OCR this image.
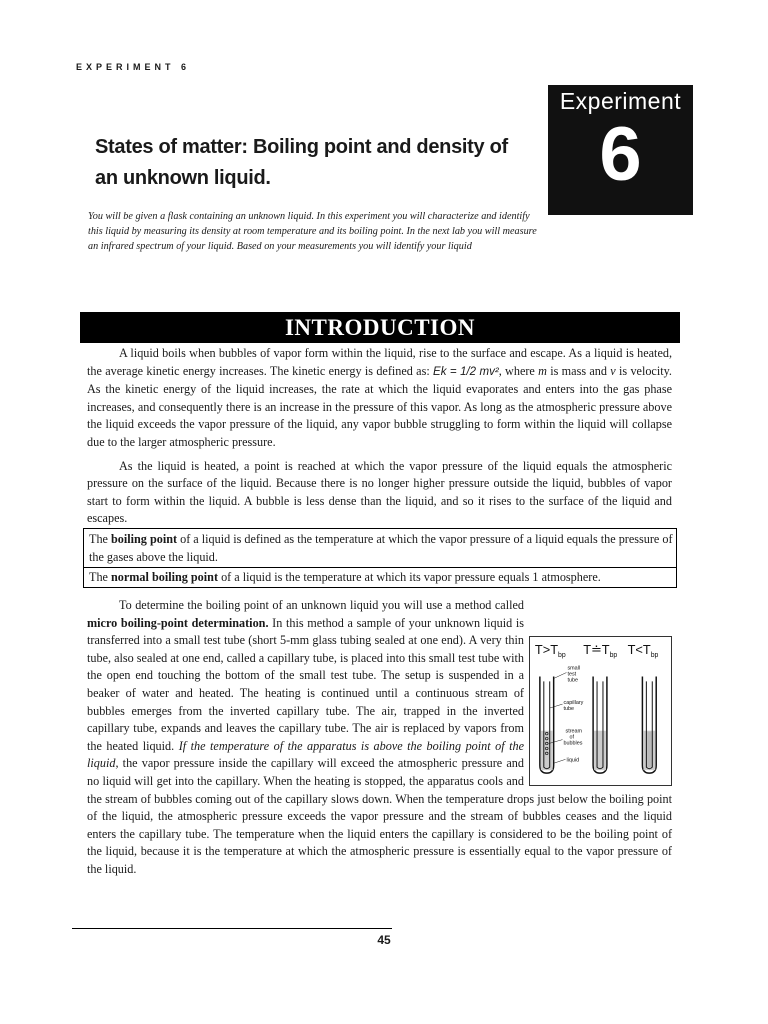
EXPERIMENT 6
Experiment
6
States of matter: Boiling point and density of an unknown liquid.
You will be given a flask containing an unknown liquid. In this experiment you will characterize and identify this liquid by measuring its density at room temperature and its boiling point. In the next lab you will measure an infrared spectrum of your liquid. Based on your measurements you will identify your liquid
INTRODUCTION

A liquid boils when bubbles of vapor form within the liquid, rise to the surface and escape. As a liquid is heated, the average kinetic energy increases. The kinetic energy is defined as: Ek = 1/2 mv², where m is mass and v is velocity. As the kinetic energy of the liquid increases, the rate at which the liquid evaporates and enters into the gas phase increases, and consequently there is an increase in the pressure of this vapor. As long as the atmospheric pressure above the liquid exceeds the vapor pressure of the liquid, any vapor bubble struggling to form within the liquid will collapse due to the larger atmospheric pressure.

As the liquid is heated, a point is reached at which the vapor pressure of the liquid equals the atmospheric pressure on the surface of the liquid. Because there is no longer higher pressure outside the liquid, bubbles of vapor start to form within the liquid. A bubble is less dense than the liquid, and so it rises to the surface of the liquid and escapes.

The boiling point of a liquid is defined as the temperature at which the vapor pressure of a liquid equals the pressure of the gases above the liquid.
The normal boiling point of a liquid is the temperature at which its vapor pressure equals 1 atmosphere.

To determine the boiling point of an unknown liquid you will use a method called micro boiling-point determination. In this method a sample of your unknown liquid is transferred into a small test tube (short 5-mm glass tubing sealed at one end). A very thin tube, also sealed at one end, called a capillary tube, is placed into this small test tube with the open end touching the bottom of the small test tube. The setup is suspended in a beaker of water and heated. The heating is continued until a continuous stream of bubbles emerges from the inverted capillary tube. The air, trapped in the inverted capillary tube, expands and leaves the capillary tube. The air is replaced by vapors from the heated liquid. If the temperature of the apparatus is above the boiling point of the liquid, the vapor pressure inside the capillary will exceed the atmospheric pressure and no liquid will get into the capillary. When the heating is stopped, the apparatus cools and the stream of bubbles coming out of the capillary slows down. When the temperature drops just below the boiling point of the liquid, the atmospheric pressure exceeds the vapor pressure and the stream of bubbles ceases and the liquid enters the capillary tube. The temperature when the liquid enters the capillary is considered to be the boiling point of the liquid, because it is the temperature at which the atmospheric pressure is essentially equal to the vapor pressure of the liquid.

$T>T_{bp}$ $T≐T_{bp}$ $T<T_{bp}$
small test tube
capillary tube
stream of bubbles
liquid
45
